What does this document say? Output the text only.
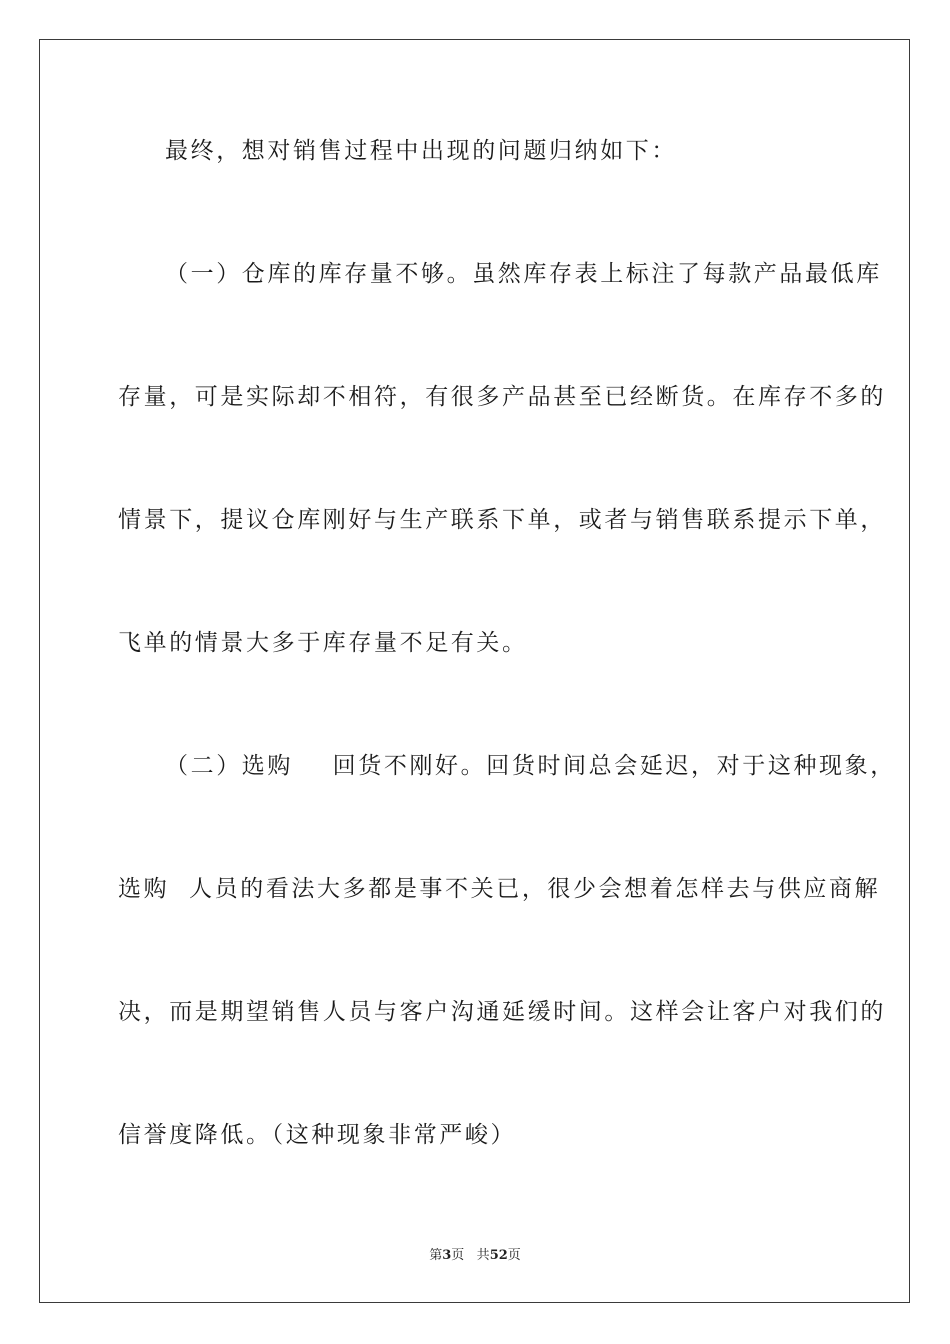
最终，想对销售过程中出现的问题归纳如下：
（一）仓库的库存量不够。虽然库存表上标注了每款产品最低库
存量，可是实际却不相符，有很多产品甚至已经断货。在库存不多的
情景下，提议仓库刚好与生产联系下单，或者与销售联系提示下单，
飞单的情景大多于库存量不足有关。
（二）选购    回货不刚好。回货时间总会延迟，对于这种现象，
选购  人员的看法大多都是事不关已，很少会想着怎样去与供应商解
决，而是期望销售人员与客户沟通延缓时间。这样会让客户对我们的
信誉度降低。（这种现象非常严峻）
第3页 共52页
